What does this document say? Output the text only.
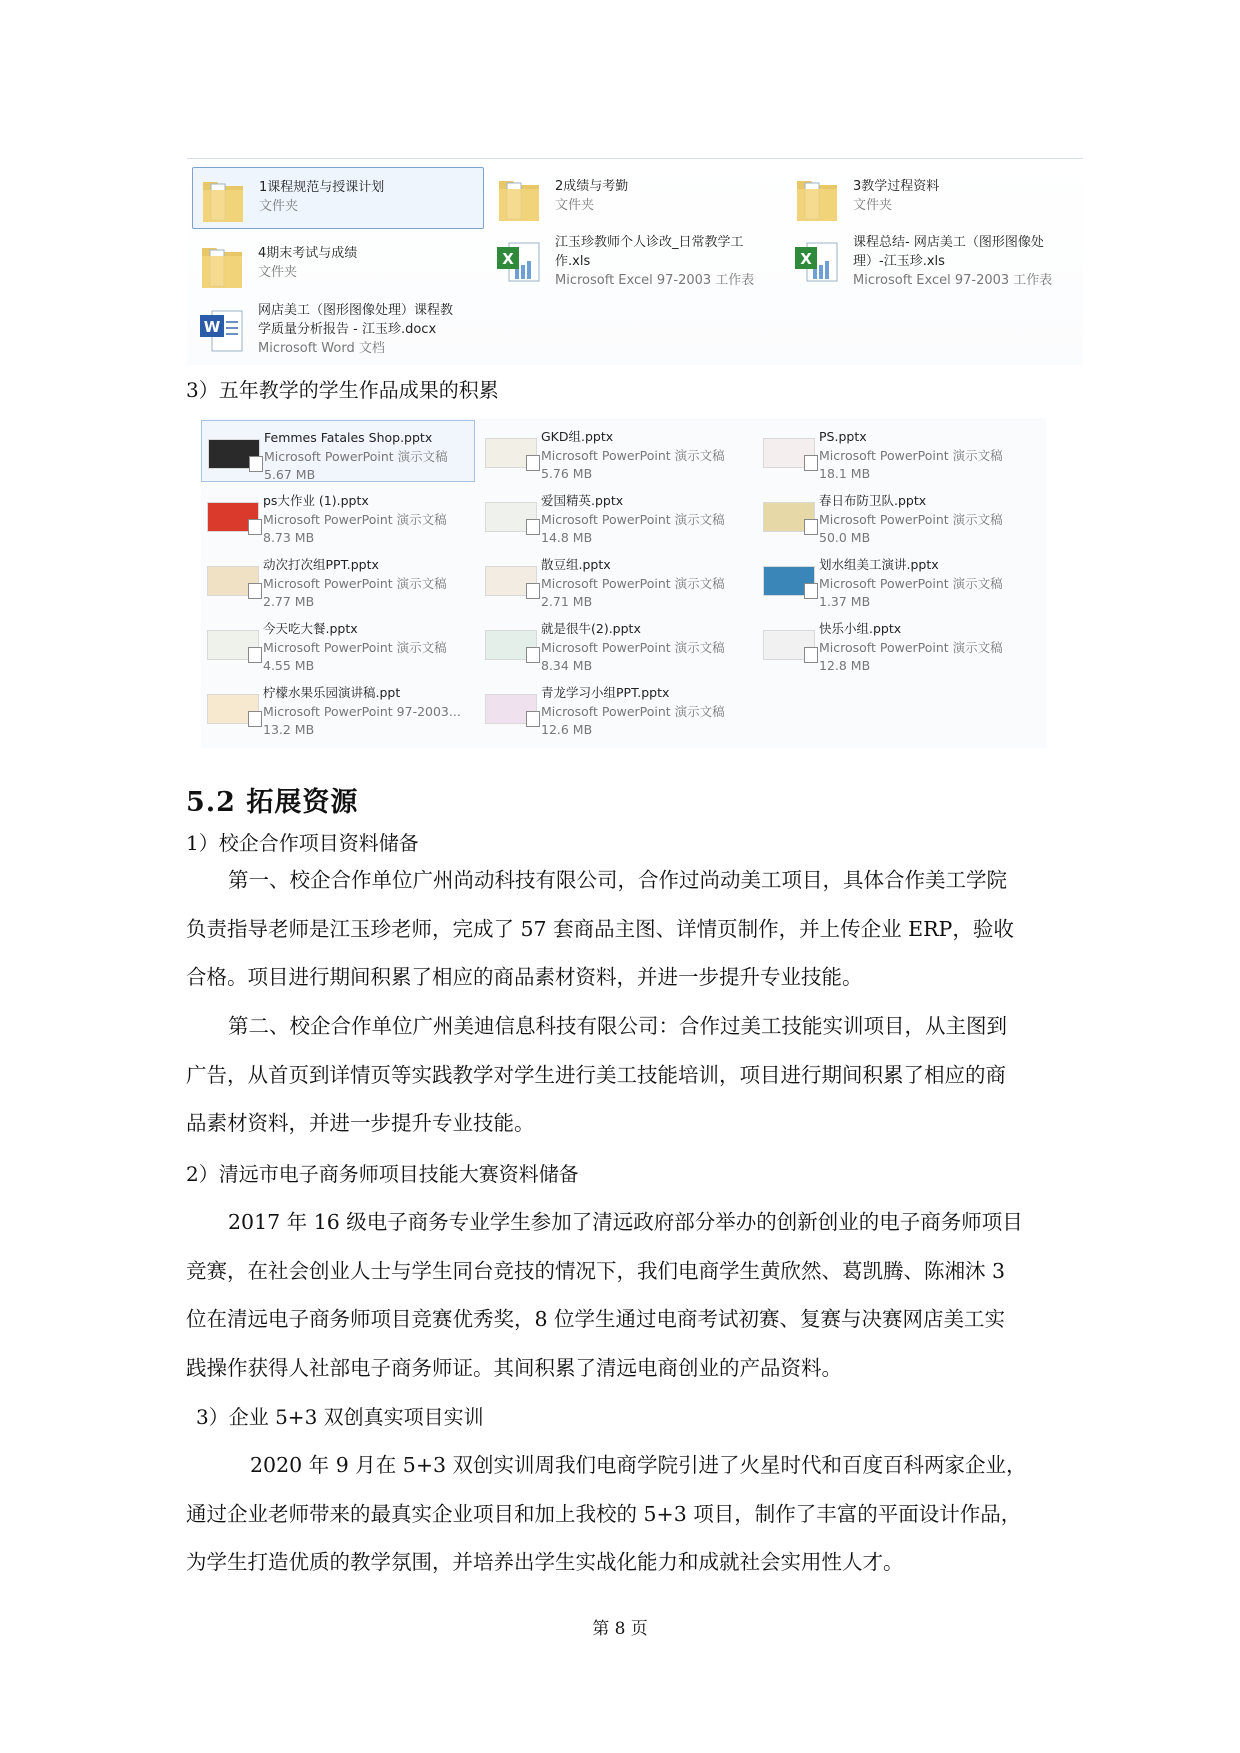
1课程规范与授课计划
文件夹
2成绩与考勤
文件夹
3教学过程资料
文件夹
4期末考试与成绩
文件夹
X
江玉珍教师个人诊改_日常教学工
作.xls
Microsoft Excel 97-2003 工作表
X
课程总结- 网店美工（图形图像处
理）-江玉珍.xls
Microsoft Excel 97-2003 工作表
W
网店美工（图形图像处理）课程教
学质量分析报告 - 江玉珍.docx
Microsoft Word 文档
3）五年教学的学生作品成果的积累
Femmes Fatales Shop.pptx
Microsoft PowerPoint 演示文稿
5.67 MB
GKD组.pptx
Microsoft PowerPoint 演示文稿
5.76 MB
PS.pptx
Microsoft PowerPoint 演示文稿
18.1 MB
ps大作业 (1).pptx
Microsoft PowerPoint 演示文稿
8.73 MB
爱国精英.pptx
Microsoft PowerPoint 演示文稿
14.8 MB
春日布防卫队.pptx
Microsoft PowerPoint 演示文稿
50.0 MB
动次打次组PPT.pptx
Microsoft PowerPoint 演示文稿
2.77 MB
散豆组.pptx
Microsoft PowerPoint 演示文稿
2.71 MB
划水组美工演讲.pptx
Microsoft PowerPoint 演示文稿
1.37 MB
今天吃大餐.pptx
Microsoft PowerPoint 演示文稿
4.55 MB
就是很牛(2).pptx
Microsoft PowerPoint 演示文稿
8.34 MB
快乐小组.pptx
Microsoft PowerPoint 演示文稿
12.8 MB
柠檬水果乐园演讲稿.ppt
Microsoft PowerPoint 97-2003...
13.2 MB
青龙学习小组PPT.pptx
Microsoft PowerPoint 演示文稿
12.6 MB
5.2 拓展资源
1）校企合作项目资料储备
第一、校企合作单位广州尚动科技有限公司，合作过尚动美工项目，具体合作美工学院
负责指导老师是江玉珍老师，完成了 57 套商品主图、详情页制作，并上传企业 ERP，验收
合格。项目进行期间积累了相应的商品素材资料，并进一步提升专业技能。
第二、校企合作单位广州美迪信息科技有限公司：合作过美工技能实训项目，从主图到
广告，从首页到详情页等实践教学对学生进行美工技能培训，项目进行期间积累了相应的商
品素材资料，并进一步提升专业技能。
2）清远市电子商务师项目技能大赛资料储备
2017 年 16 级电子商务专业学生参加了清远政府部分举办的创新创业的电子商务师项目
竞赛，在社会创业人士与学生同台竞技的情况下，我们电商学生黄欣然、葛凯腾、陈湘沐 3
位在清远电子商务师项目竞赛优秀奖，8 位学生通过电商考试初赛、复赛与决赛网店美工实
践操作获得人社部电子商务师证。其间积累了清远电商创业的产品资料。
3）企业 5+3 双创真实项目实训
2020 年 9 月在 5+3 双创实训周我们电商学院引进了火星时代和百度百科两家企业，
通过企业老师带来的最真实企业项目和加上我校的 5+3 项目，制作了丰富的平面设计作品，
为学生打造优质的教学氛围，并培养出学生实战化能力和成就社会实用性人才。
第 8 页
